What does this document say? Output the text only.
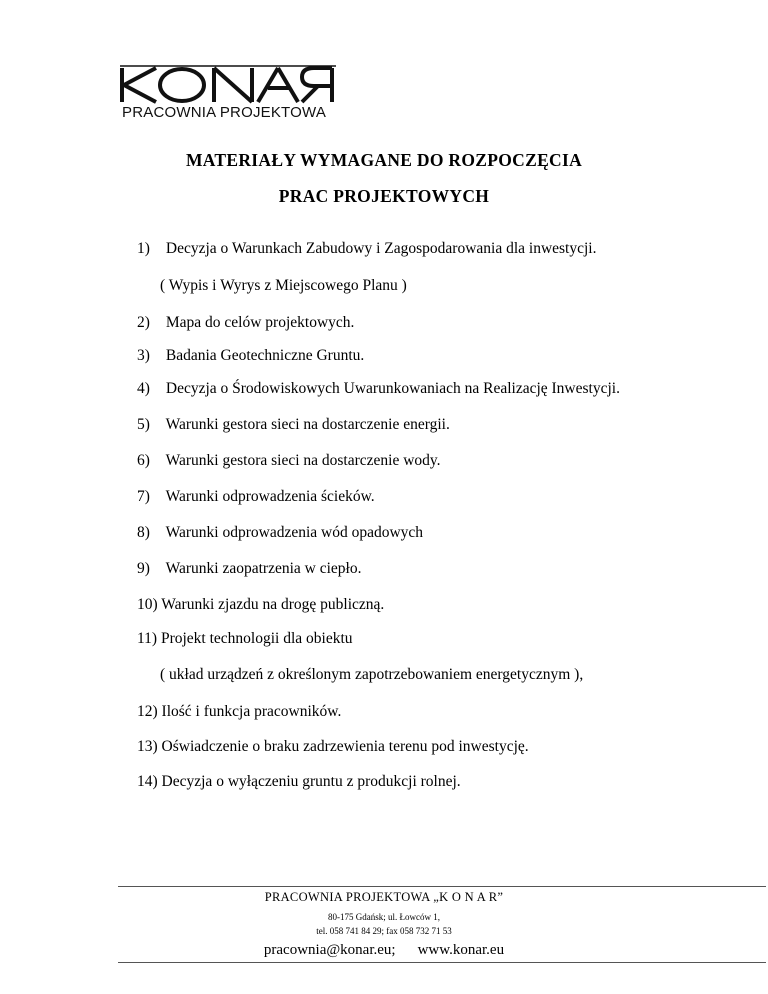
PRACOWNIA PROJEKTOWA
MATERIAŁY WYMAGANE DO ROZPOCZĘCIA
PRAC PROJEKTOWYCH
1) Decyzja o Warunkach Zabudowy i Zagospodarowania dla inwestycji.
( Wypis i Wyrys z Miejscowego Planu )
2) Mapa do celów projektowych.
3) Badania Geotechniczne Gruntu.
4) Decyzja o Środowiskowych Uwarunkowaniach na Realizację Inwestycji.
5) Warunki gestora sieci na dostarczenie energii.
6) Warunki gestora sieci na dostarczenie wody.
7) Warunki odprowadzenia ścieków.
8) Warunki odprowadzenia wód opadowych
9) Warunki zaopatrzenia w ciepło.
10) Warunki zjazdu na drogę publiczną.
11) Projekt technologii dla obiektu
( układ urządzeń z określonym zapotrzebowaniem energetycznym ),
12) Ilość i funkcja pracowników.
13) Oświadczenie o braku zadrzewienia terenu pod inwestycję.
14) Decyzja o wyłączeniu gruntu z produkcji rolnej.
PRACOWNIA PROJEKTOWA „K O N A R”
80-175 Gdańsk; ul. Łowców 1,
tel. 058 741 84 29; fax 058 732 71 53
pracownia@konar.eu; www.konar.eu
